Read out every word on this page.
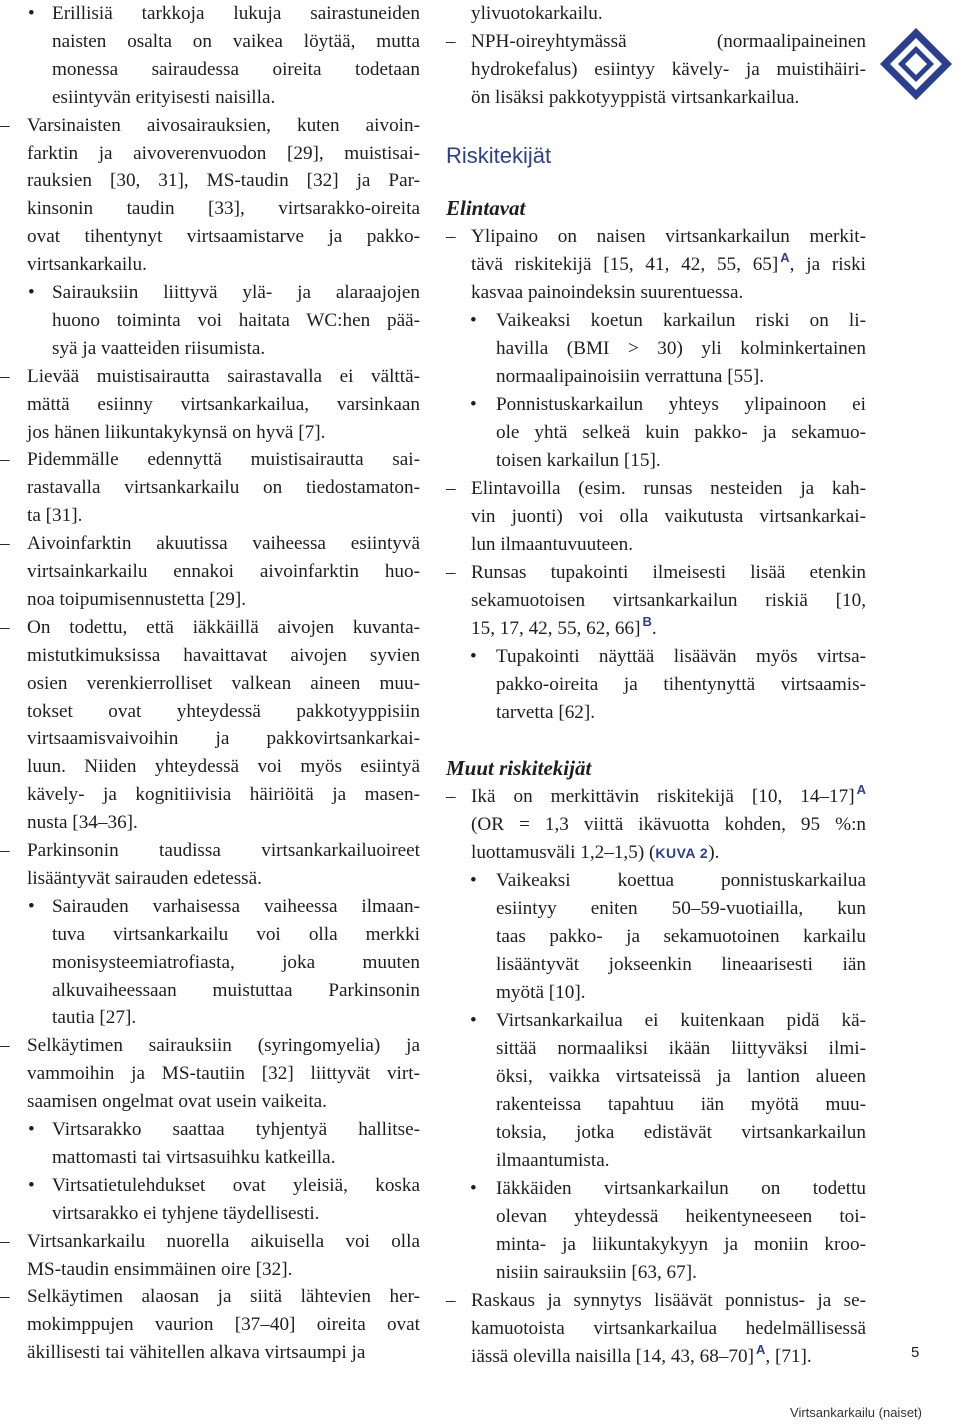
• Erillisiä tarkkoja lukuja sairastuneiden
naisten osalta on vaikea löytää, mutta
monessa sairaudessa oireita todetaan
esiintyvän erityisesti naisilla.
– Varsinaisten aivosairauksien, kuten aivoin-
farktin ja aivoverenvuodon [29], muistisai-
rauksien [30, 31], MS-taudin [32] ja Par-
kinsonin taudin [33], virtsarakko-oireita
ovat tihentynyt virtsaamistarve ja pakko-
virtsankarkailu.
• Sairauksiin liittyvä ylä- ja alaraajojen
huono toiminta voi haitata WC:hen pää-
syä ja vaatteiden riisumista.
– Lievää muistisairautta sairastavalla ei välttä-
mättä esiinny virtsankarkailua, varsinkaan
jos hänen liikuntakykynsä on hyvä [7].
– Pidemmälle edennyttä muistisairautta sai-
rastavalla virtsankarkailu on tiedostamaton-
ta [31].
– Aivoinfarktin akuutissa vaiheessa esiintyvä
virtsainkarkailu ennakoi aivoinfarktin huo-
noa toipumisennustetta [29].
– On todettu, että iäkkäillä aivojen kuvanta-
mistutkimuksissa havaittavat aivojen syvien
osien verenkierrolliset valkean aineen muu-
tokset ovat yhteydessä pakkotyyppisiin
virtsaamisvaivoihin ja pakkovirtsankarkai-
luun. Niiden yhteydessä voi myös esiintyä
kävely- ja kognitiivisia häiriöitä ja masen-
nusta [34–36].
– Parkinsonin taudissa virtsankarkailuoireet
lisääntyvät sairauden edetessä.
• Sairauden varhaisessa vaiheessa ilmaan-
tuva virtsankarkailu voi olla merkki
monisysteemiatrofiasta, joka muuten
alkuvaiheessaan muistuttaa Parkinsonin
tautia [27].
– Selkäytimen sairauksiin (syringomyelia) ja
vammoihin ja MS-tautiin [32] liittyvät virt-
saamisen ongelmat ovat usein vaikeita.
• Virtsarakko saattaa tyhjentyä hallitse-
mattomasti tai virtsasuihku katkeilla.
• Virtsatietulehdukset ovat yleisiä, koska
virtsarakko ei tyhjene täydellisesti.
– Virtsankarkailu nuorella aikuisella voi olla
MS-taudin ensimmäinen oire [32].
– Selkäytimen alaosan ja siitä lähtevien her-
mokimppujen vaurion [37–40] oireita ovat
äkillisesti tai vähitellen alkava virtsaumpi ja
ylivuotokarkailu.
– NPH-oireyhtymässä (normaalipaineinen
hydrokefalus) esiintyy kävely- ja muistihäiri-
ön lisäksi pakkotyyppistä virtsankarkailua.
Riskitekijät
Elintavat
– Ylipaino on naisen virtsankarkailun merkit-
tävä riskitekijä [15, 41, 42, 55, 65] $^A$, ja riski
kasvaa painoindeksin suurentuessa.
• Vaikeaksi koetun karkailun riski on li-
havilla (BMI > 30) yli kolminkertainen
normaalipainoisiin verrattuna [55].
• Ponnistuskarkailun yhteys ylipainoon ei
ole yhtä selkeä kuin pakko- ja sekamuo-
toisen karkailun [15].
– Elintavoilla (esim. runsas nesteiden ja kah-
vin juonti) voi olla vaikutusta virtsankarkai-
lun ilmaantuvuuteen.
– Runsas tupakointi ilmeisesti lisää etenkin
sekamuotoisen virtsankarkailun riskiä [10,
15, 17, 42, 55, 62, 66] $^B$.
• Tupakointi näyttää lisäävän myös virtsa-
pakko-oireita ja tihentynyttä virtsaamis-
tarvetta [62].
Muut riskitekijät
– Ikä on merkittävin riskitekijä [10, 14–17] $^A$
(OR = 1,3 viittä ikävuotta kohden, 95 %:n
luottamusväli 1,2–1,5) (KUVA 2).
• Vaikeaksi koettua ponnistuskarkailua
esiintyy eniten 50–59-vuotiailla, kun
taas pakko- ja sekamuotoinen karkailu
lisääntyvät jokseenkin lineaarisesti iän
myötä [10].
• Virtsankarkailua ei kuitenkaan pidä kä-
sittää normaaliksi ikään liittyväksi ilmi-
öksi, vaikka virtsateissä ja lantion alueen
rakenteissa tapahtuu iän myötä muu-
toksia, jotka edistävät virtsankarkailun
ilmaantumista.
• Iäkkäiden virtsankarkailun on todettu
olevan yhteydessä heikentyneeseen toi-
minta- ja liikuntakykyyn ja moniin kroo-
nisiin sairauksiin [63, 67].
– Raskaus ja synnytys lisäävät ponnistus- ja se-
kamuotoista virtsankarkailua hedelmällisessä
iässä olevilla naisilla [14, 43, 68–70] $^A$, [71].	5
Virtsankarkailu (naiset)
